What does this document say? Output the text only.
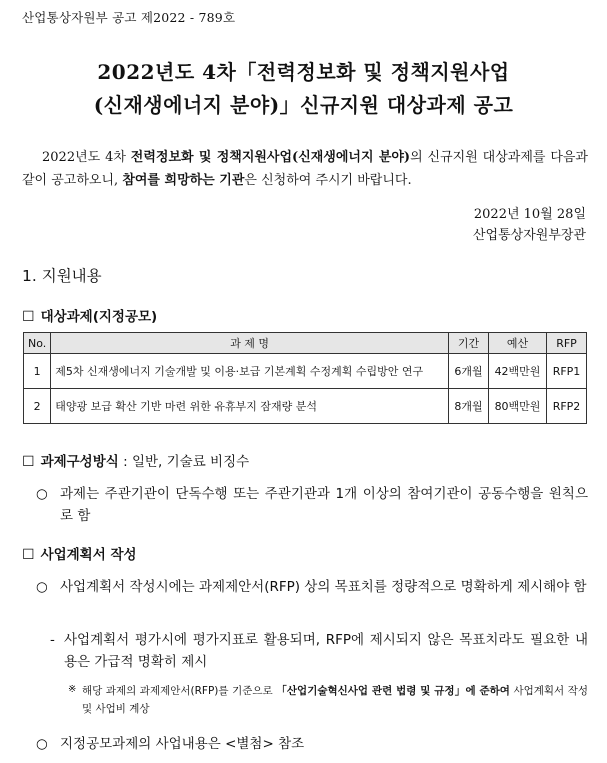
산업통상자원부 공고 제2022 - 789호
2022년도 4차「전력정보화 및 정책지원사업
(신재생에너지 분야)」신규지원 대상과제 공고

2022년도 4차 전력정보화 및 정책지원사업(신재생에너지 분야)의 신규지원 대상과제를 다음과 같이 공고하오니, 참여를 희망하는 기관은 신청하여 주시기 바랍니다.

2022년 10월 28일
산업통상자원부장관
1. 지원내용
☐ 대상과제(지정공모)
No.	과 제 명	기간	예산	RFP
1	제5차 신재생에너지 기술개발 및 이용·보급 기본계획 수정계획 수립방안 연구	6개월	42백만원	RFP1
2	태양광 보급 확산 기반 마련 위한 유휴부지 잠재량 분석	8개월	80백만원	RFP2
☐ 과제구성방식 : 일반, 기술료 비징수
○ 과제는 주관기관이 단독수행 또는 주관기관과 1개 이상의 참여기관이 공동수행을 원칙으로 함
☐ 사업계획서 작성
○ 사업계획서 작성시에는 과제제안서(RFP) 상의 목표치를 정량적으로 명확하게 제시해야 함
- 사업계획서 평가시에 평가지표로 활용되며, RFP에 제시되지 않은 목표치라도 필요한 내용은 가급적 명확히 제시
※ 해당 과제의 과제제안서(RFP)를 기준으로 「산업기술혁신사업 관련 법령 및 규정」에 준하여 사업계획서 작성 및 사업비 계상
○ 지정공모과제의 사업내용은 <별첨> 참조
